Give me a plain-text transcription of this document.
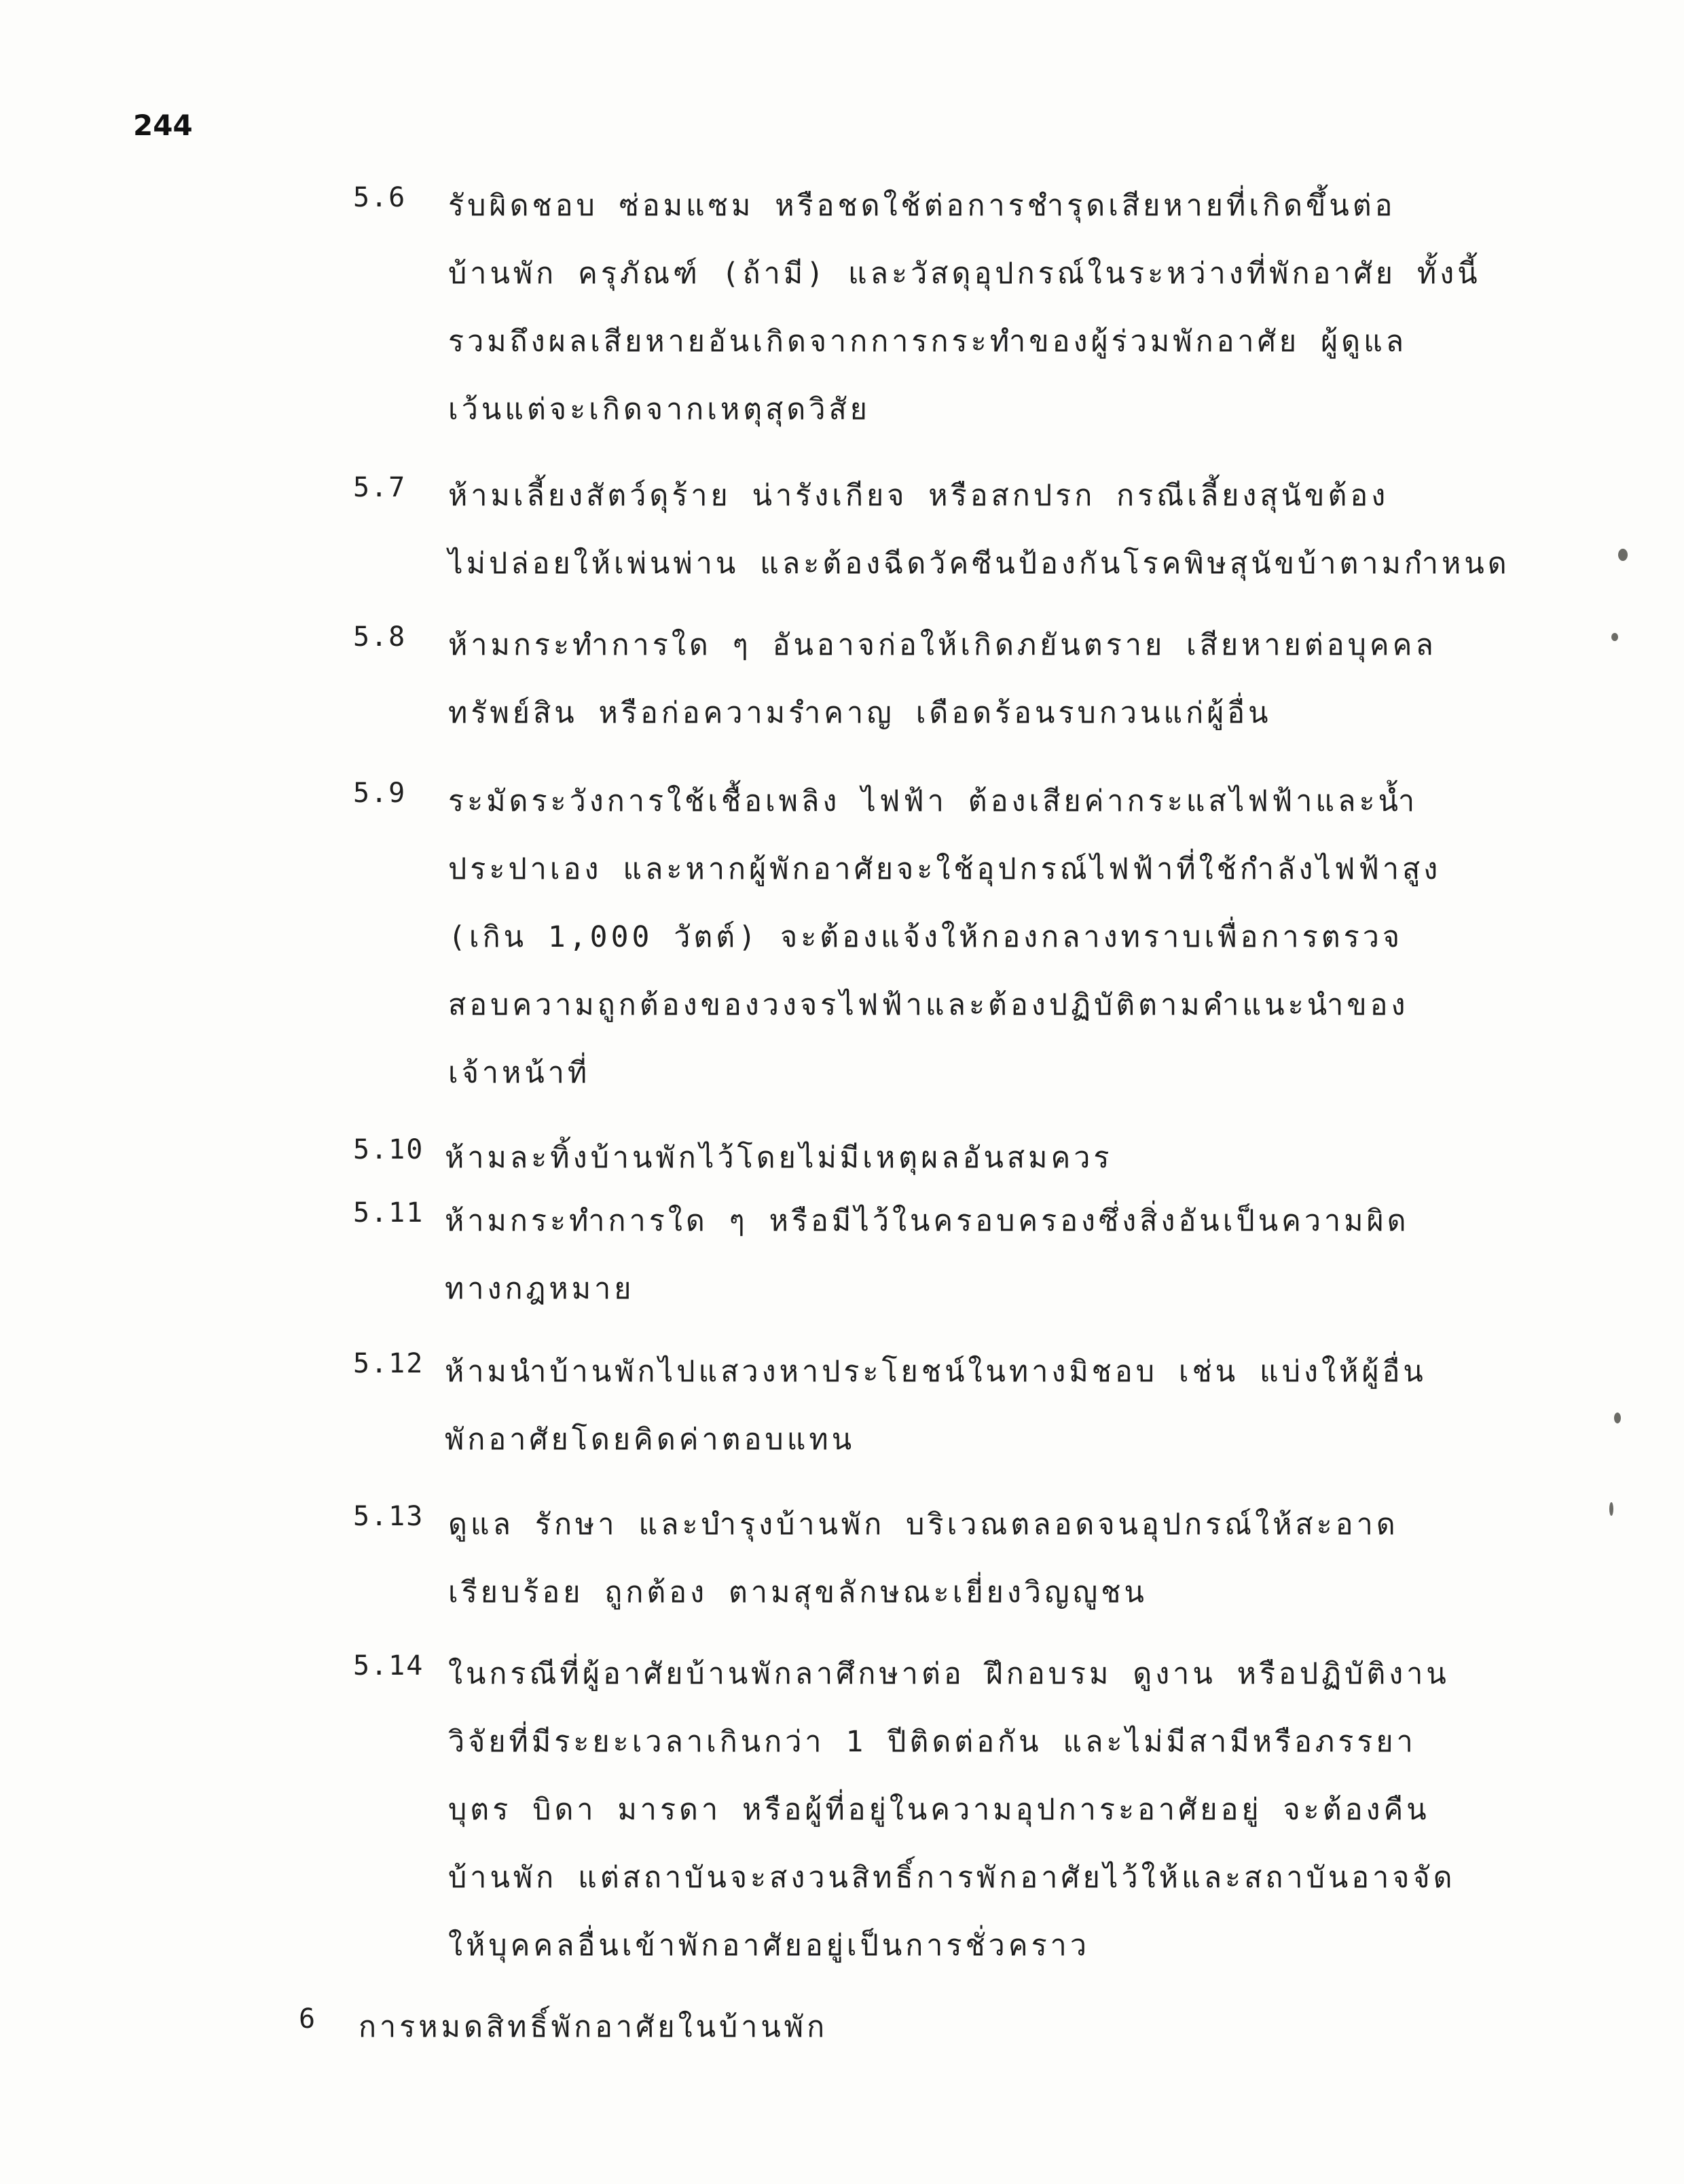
244
5.6	รับผิดชอบ ซ่อมแซม หรือชดใช้ต่อการชำรุดเสียหายที่เกิดขึ้นต่อ
บ้านพัก ครุภัณฑ์ (ถ้ามี) และวัสดุอุปกรณ์ในระหว่างที่พักอาศัย ทั้งนี้
รวมถึงผลเสียหายอันเกิดจากการกระทำของผู้ร่วมพักอาศัย ผู้ดูแล
เว้นแต่จะเกิดจากเหตุสุดวิสัย
5.7	ห้ามเลี้ยงสัตว์ดุร้าย น่ารังเกียจ หรือสกปรก กรณีเลี้ยงสุนัขต้อง
ไม่ปล่อยให้เพ่นพ่าน และต้องฉีดวัคซีนป้องกันโรคพิษสุนัขบ้าตามกำหนด
5.8	ห้ามกระทำการใด ๆ อันอาจก่อให้เกิดภยันตราย เสียหายต่อบุคคล
ทรัพย์สิน หรือก่อความรำคาญ เดือดร้อนรบกวนแก่ผู้อื่น
5.9	ระมัดระวังการใช้เชื้อเพลิง ไฟฟ้า ต้องเสียค่ากระแสไฟฟ้าและน้ำ
ประปาเอง และหากผู้พักอาศัยจะใช้อุปกรณ์ไฟฟ้าที่ใช้กำลังไฟฟ้าสูง
(เกิน 1,000 วัตต์) จะต้องแจ้งให้กองกลางทราบเพื่อการตรวจ
สอบความถูกต้องของวงจรไฟฟ้าและต้องปฏิบัติตามคำแนะนำของ
เจ้าหน้าที่
5.10 ห้ามละทิ้งบ้านพักไว้โดยไม่มีเหตุผลอันสมควร
5.11 ห้ามกระทำการใด ๆ หรือมีไว้ในครอบครองซึ่งสิ่งอันเป็นความผิด
ทางกฎหมาย
5.12 ห้ามนำบ้านพักไปแสวงหาประโยชน์ในทางมิชอบ เช่น แบ่งให้ผู้อื่น
พักอาศัยโดยคิดค่าตอบแทน
5.13 ดูแล รักษา และบำรุงบ้านพัก บริเวณตลอดจนอุปกรณ์ให้สะอาด
เรียบร้อย ถูกต้อง ตามสุขลักษณะเยี่ยงวิญญูชน
5.14 ในกรณีที่ผู้อาศัยบ้านพักลาศึกษาต่อ ฝึกอบรม ดูงาน หรือปฏิบัติงาน
วิจัยที่มีระยะเวลาเกินกว่า 1 ปีติดต่อกัน และไม่มีสามีหรือภรรยา
บุตร บิดา มารดา หรือผู้ที่อยู่ในความอุปการะอาศัยอยู่ จะต้องคืน
บ้านพัก แต่สถาบันจะสงวนสิทธิ์การพักอาศัยไว้ให้และสถาบันอาจจัด
ให้บุคคลอื่นเข้าพักอาศัยอยู่เป็นการชั่วคราว
6 การหมดสิทธิ์พักอาศัยในบ้านพัก
